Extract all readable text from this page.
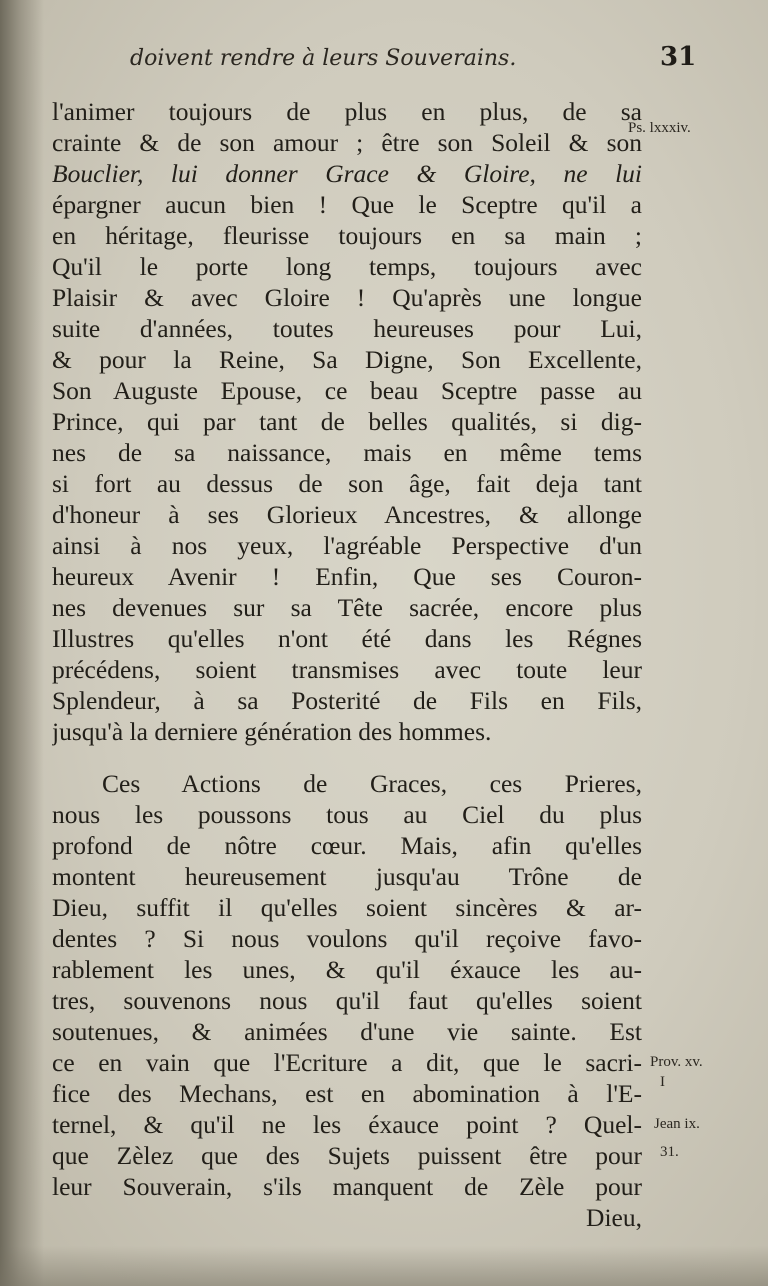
doivent rendre à leurs Souverains.	31
l'animer toujours de plus en plus, de sa
crainte & de son amour ; être son Soleil & son
Bouclier, lui donner Grace & Gloire, ne lui
épargner aucun bien ! Que le Sceptre qu'il a
en héritage, fleurisse toujours en sa main ;
Qu'il le porte long temps, toujours avec
Plaisir & avec Gloire ! Qu'après une longue
suite d'années, toutes heureuses pour Lui,
& pour la Reine, Sa Digne, Son Excellente,
Son Auguste Epouse, ce beau Sceptre passe au
Prince, qui par tant de belles qualités, si dig-
nes de sa naissance, mais en même tems
si fort au dessus de son âge, fait deja tant
d'honeur à ses Glorieux Ancestres, & allonge
ainsi à nos yeux, l'agréable Perspective d'un
heureux Avenir ! Enfin, Que ses Couron-
nes devenues sur sa Tête sacrée, encore plus
Illustres qu'elles n'ont été dans les Régnes
précédens, soient transmises avec toute leur
Splendeur, à sa Posterité de Fils en Fils,
jusqu'à la derniere génération des hommes.
Ces Actions de Graces, ces Prieres,
nous les poussons tous au Ciel du plus
profond de nôtre cœur. Mais, afin qu'elles
montent heureusement jusqu'au Trône de
Dieu, suffit il qu'elles soient sincères & ar-
dentes ? Si nous voulons qu'il reçoive favo-
rablement les unes, & qu'il éxauce les au-
tres, souvenons nous qu'il faut qu'elles soient
soutenues, & animées d'une vie sainte. Est
ce en vain que l'Ecriture a dit, que le sacri-
fice des Mechans, est en abomination à l'E-
ternel, & qu'il ne les éxauce point ? Quel-
que Zèlez que des Sujets puissent être pour
leur Souverain, s'ils manquent de Zèle pour
Dieu,
Ps. lxxxiv.
Prov. xv.
I
Jean ix.
31.
